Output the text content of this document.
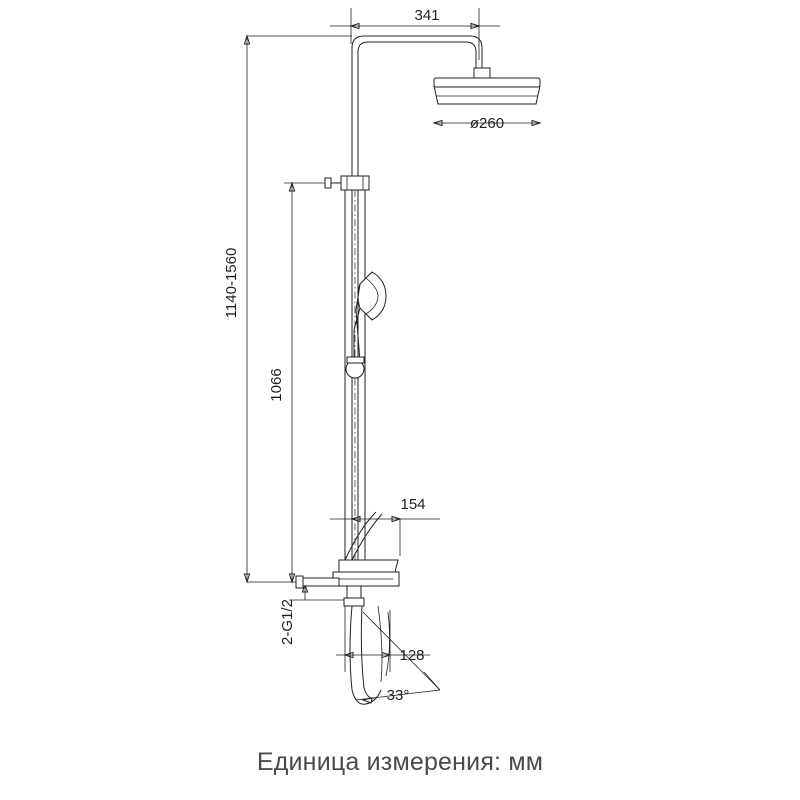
341
ø260
1140-1560
1066
154
2-G1/2
128
33°
Единица измерения: мм
